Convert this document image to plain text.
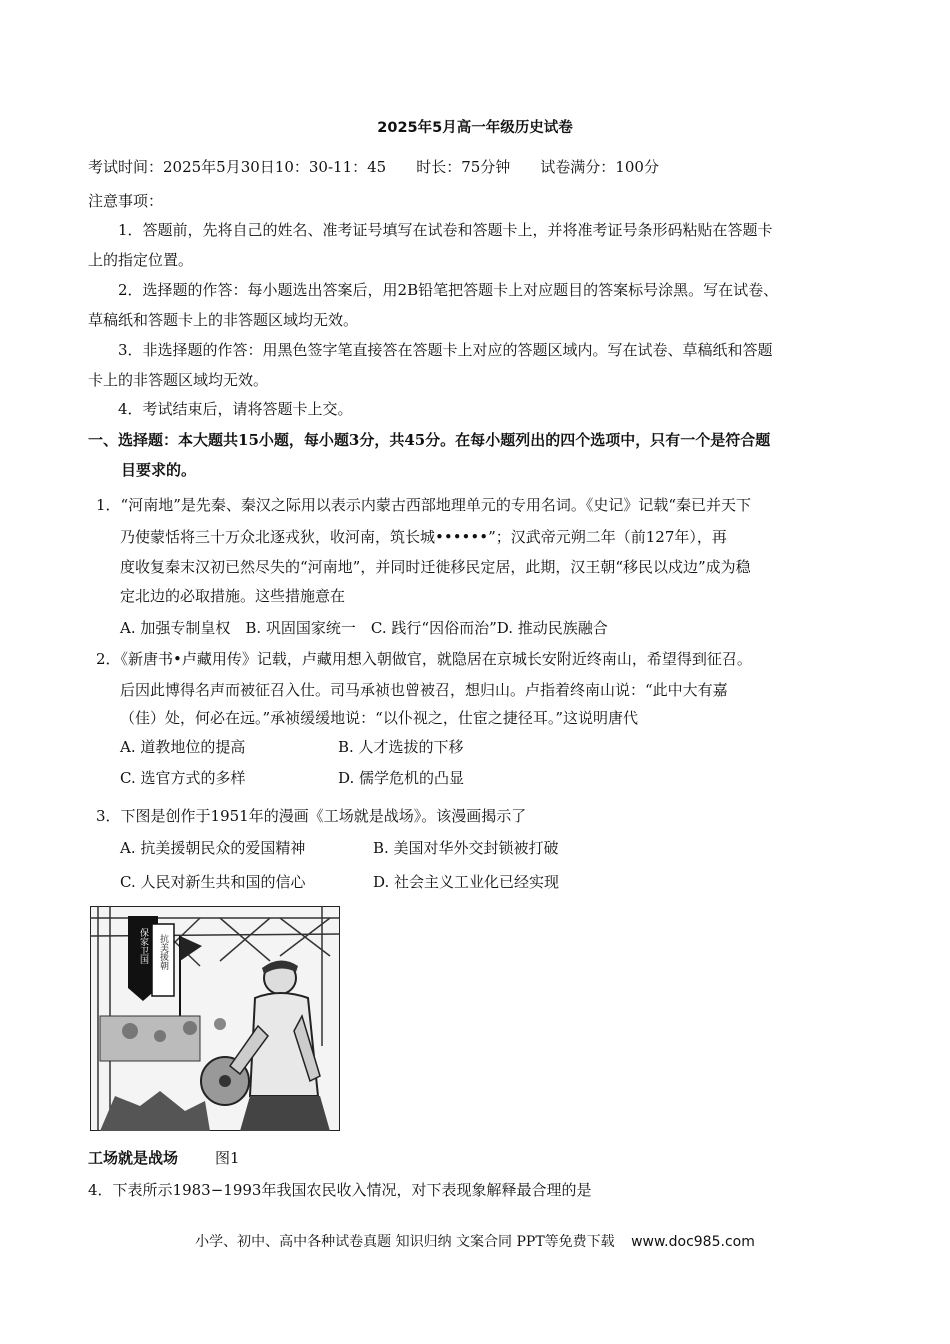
2025年5月高一年级历史试卷
考试时间：2025年5月30日10：30-11：45　　时长：75分钟　　试卷满分：100分
注意事项：
1．答题前，先将自己的姓名、准考证号填写在试卷和答题卡上，并将准考证号条形码粘贴在答题卡
上的指定位置。
2．选择题的作答：每小题选出答案后，用2B铅笔把答题卡上对应题目的答案标号涂黑。写在试卷、
草稿纸和答题卡上的非答题区域均无效。
3．非选择题的作答：用黑色签字笔直接答在答题卡上对应的答题区域内。写在试卷、草稿纸和答题
卡上的非答题区域均无效。
4．考试结束后，请将答题卡上交。
一、选择题：本大题共15小题，每小题3分，共45分。在每小题列出的四个选项中，只有一个是符合题
目要求的。
1．“河南地”是先秦、秦汉之际用以表示内蒙古西部地理单元的专用名词。《史记》记载“秦已并天下
乃使蒙恬将三十万众北逐戎狄，收河南，筑长城••••••”；汉武帝元朔二年（前127年），再
度收复秦末汉初已然尽失的“河南地”，并同时迁徙移民定居，此期，汉王朝“移民以戍边”成为稳
定北边的必取措施。这些措施意在
A. 加强专制皇权　B. 巩固国家统一　C. 践行“因俗而治”D. 推动民族融合
2．《新唐书•卢藏用传》记载，卢藏用想入朝做官，就隐居在京城长安附近终南山，希望得到征召。
后因此博得名声而被征召入仕。司马承祯也曾被召，想归山。卢指着终南山说：“此中大有嘉
（佳）处，何必在远。”承祯缓缓地说：“以仆视之，仕宦之捷径耳。”这说明唐代
A. 道教地位的提高	B. 人才选拔的下移
C. 选官方式的多样	D. 儒学危机的凸显
3．下图是创作于1951年的漫画《工场就是战场》。该漫画揭示了
A. 抗美援朝民众的爱国精神	B. 美国对华外交封锁被打破
C. 人民对新生共和国的信心	D. 社会主义工业化已经实现
保家卫国 抗美援朝
工场就是战场 图1
4．下表所示1983−1993年我国农民收入情况，对下表现象解释最合理的是
小学、初中、高中各种试卷真题 知识归纳 文案合同 PPT等免费下载 www.doc985.com
